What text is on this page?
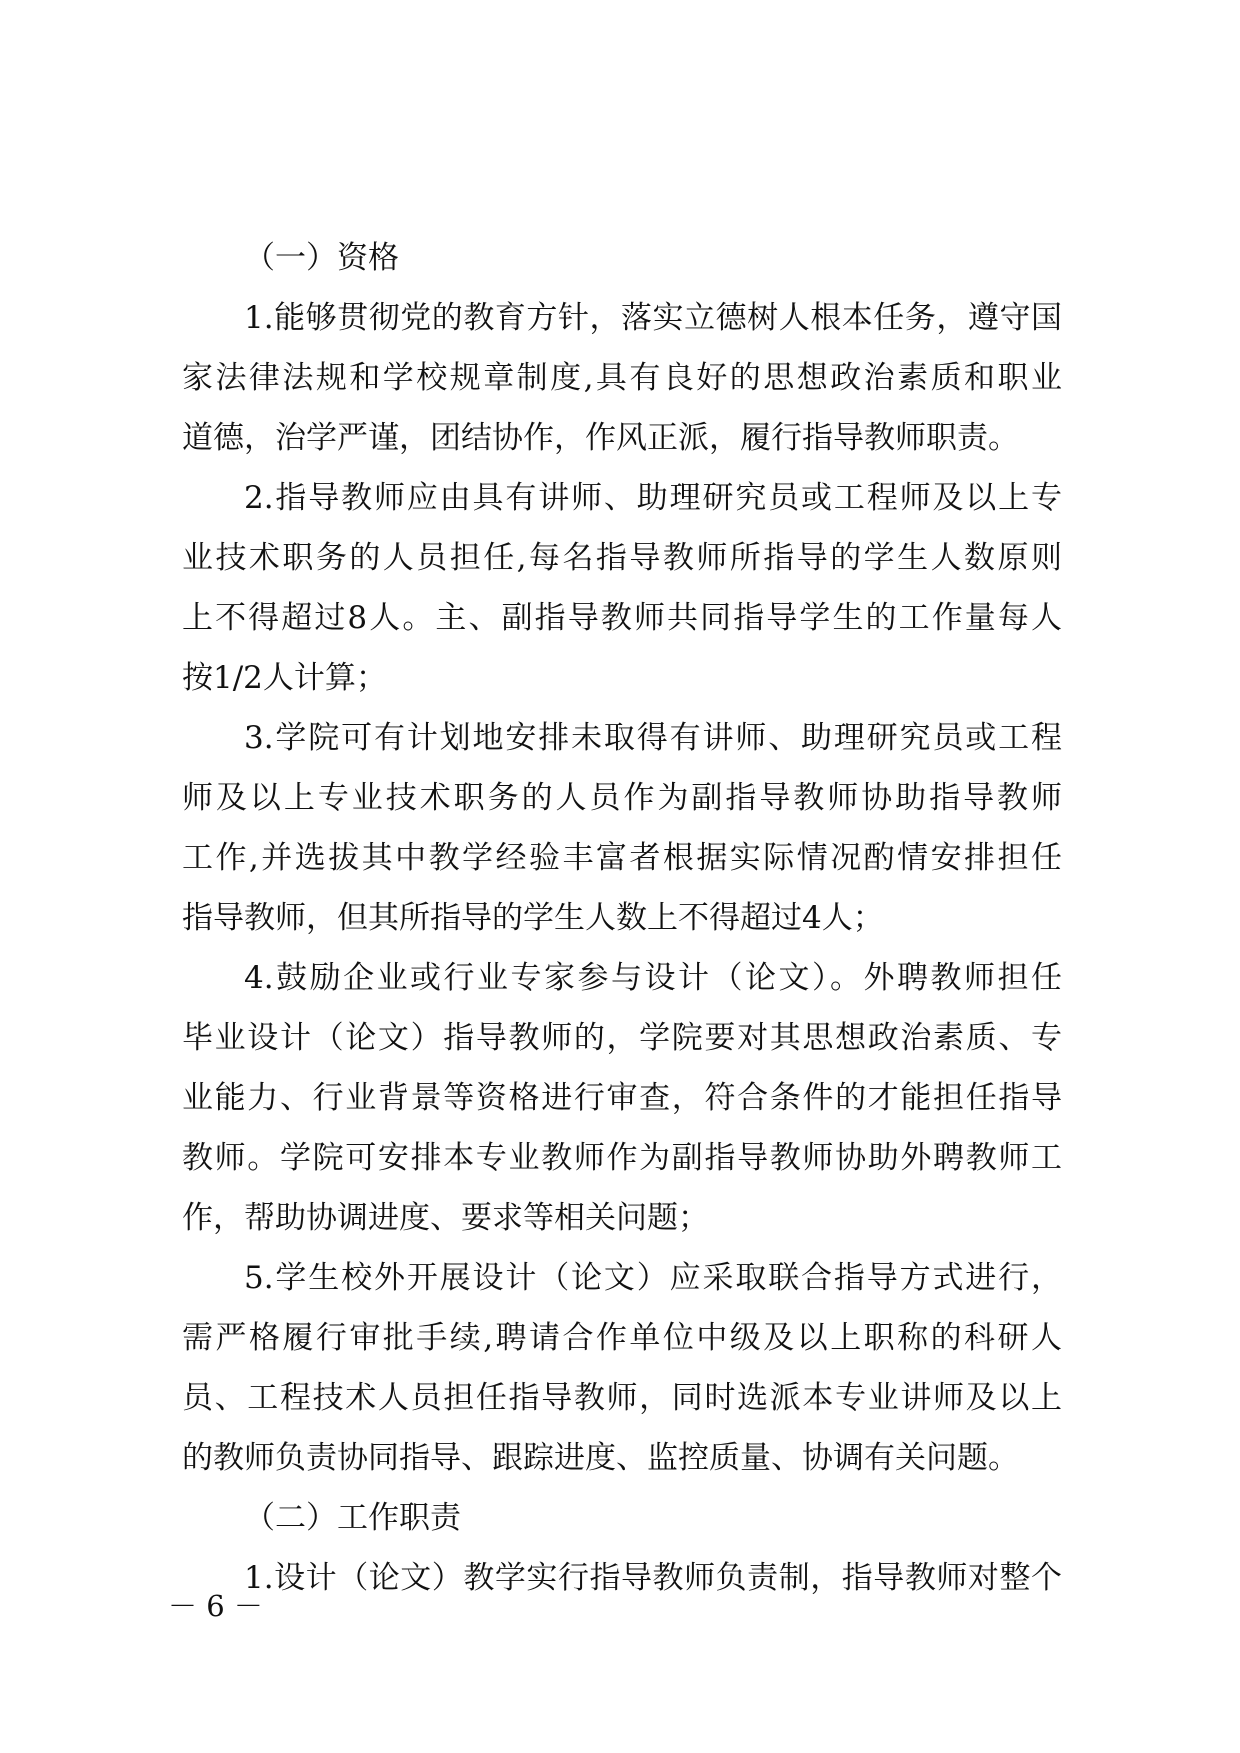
（一）资格
1.能够贯彻党的教育方针，落实立德树人根本任务，遵守国
家法律法规和学校规章制度,具有良好的思想政治素质和职业
道德，治学严谨，团结协作，作风正派，履行指导教师职责。
2.指导教师应由具有讲师、助理研究员或工程师及以上专
业技术职务的人员担任,每名指导教师所指导的学生人数原则
上不得超过8人。主、副指导教师共同指导学生的工作量每人
按1/2人计算；
3.学院可有计划地安排未取得有讲师、助理研究员或工程
师及以上专业技术职务的人员作为副指导教师协助指导教师
工作,并选拔其中教学经验丰富者根据实际情况酌情安排担任
指导教师，但其所指导的学生人数上不得超过4人；
4.鼓励企业或行业专家参与设计（论文）。外聘教师担任
毕业设计（论文）指导教师的，学院要对其思想政治素质、专
业能力、行业背景等资格进行审查，符合条件的才能担任指导
教师。学院可安排本专业教师作为副指导教师协助外聘教师工
作，帮助协调进度、要求等相关问题；
5.学生校外开展设计（论文）应采取联合指导方式进行，
需严格履行审批手续,聘请合作单位中级及以上职称的科研人
员、工程技术人员担任指导教师，同时选派本专业讲师及以上
的教师负责协同指导、跟踪进度、监控质量、协调有关问题。
（二）工作职责
1.设计（论文）教学实行指导教师负责制，指导教师对整个
－ 6 －
